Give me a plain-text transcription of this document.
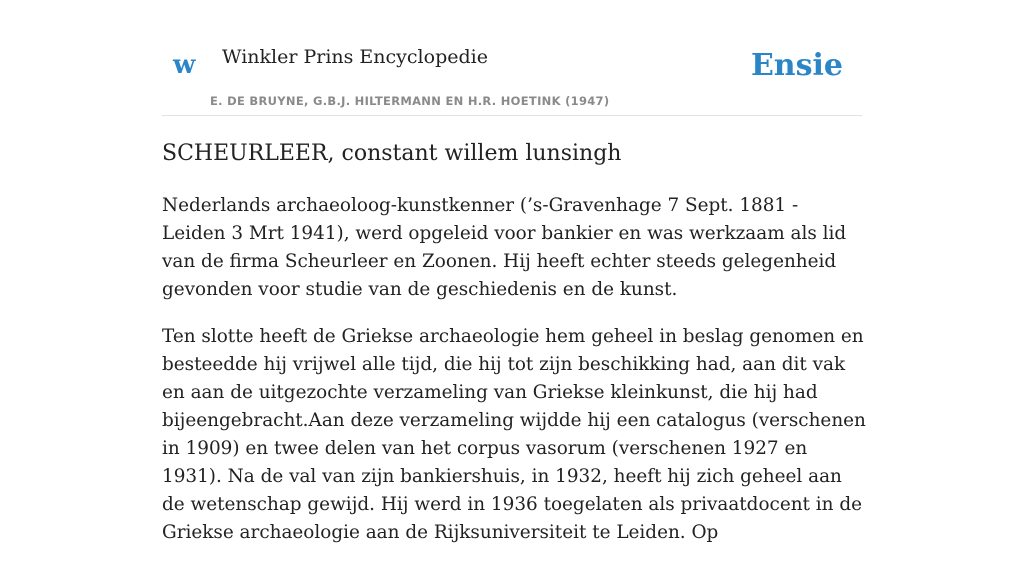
w Winkler Prins Encyclopedie
E. DE BRUYNE, G.B.J. HILTERMANN EN H.R. HOETINK (1947)
Ensie
SCHEURLEER, constant willem lunsingh

Nederlands archaeoloog-kunstkenner (’s-Gravenhage 7 Sept. 1881 - Leiden 3 Mrt 1941), werd opgeleid voor bankier en was werkzaam als lid van de firma Scheurleer en Zoonen. Hij heeft echter steeds gelegenheid gevonden voor studie van de geschiedenis en de kunst.

Ten slotte heeft de Griekse archaeologie hem geheel in beslag genomen en besteedde hij vrijwel alle tijd, die hij tot zijn beschikking had, aan dit vak en aan de uitgezochte verzameling van Griekse kleinkunst, die hij had bijeengebracht.Aan deze verzameling wijdde hij een catalogus (verschenen in 1909) en twee delen van het corpus vasorum (verschenen 1927 en 1931). Na de val van zijn bankiershuis, in 1932, heeft hij zich geheel aan de wetenschap gewijd. Hij werd in 1936 toegelaten als privaatdocent in de Griekse archaeologie aan de Rijksuniversiteit te Leiden. Op
